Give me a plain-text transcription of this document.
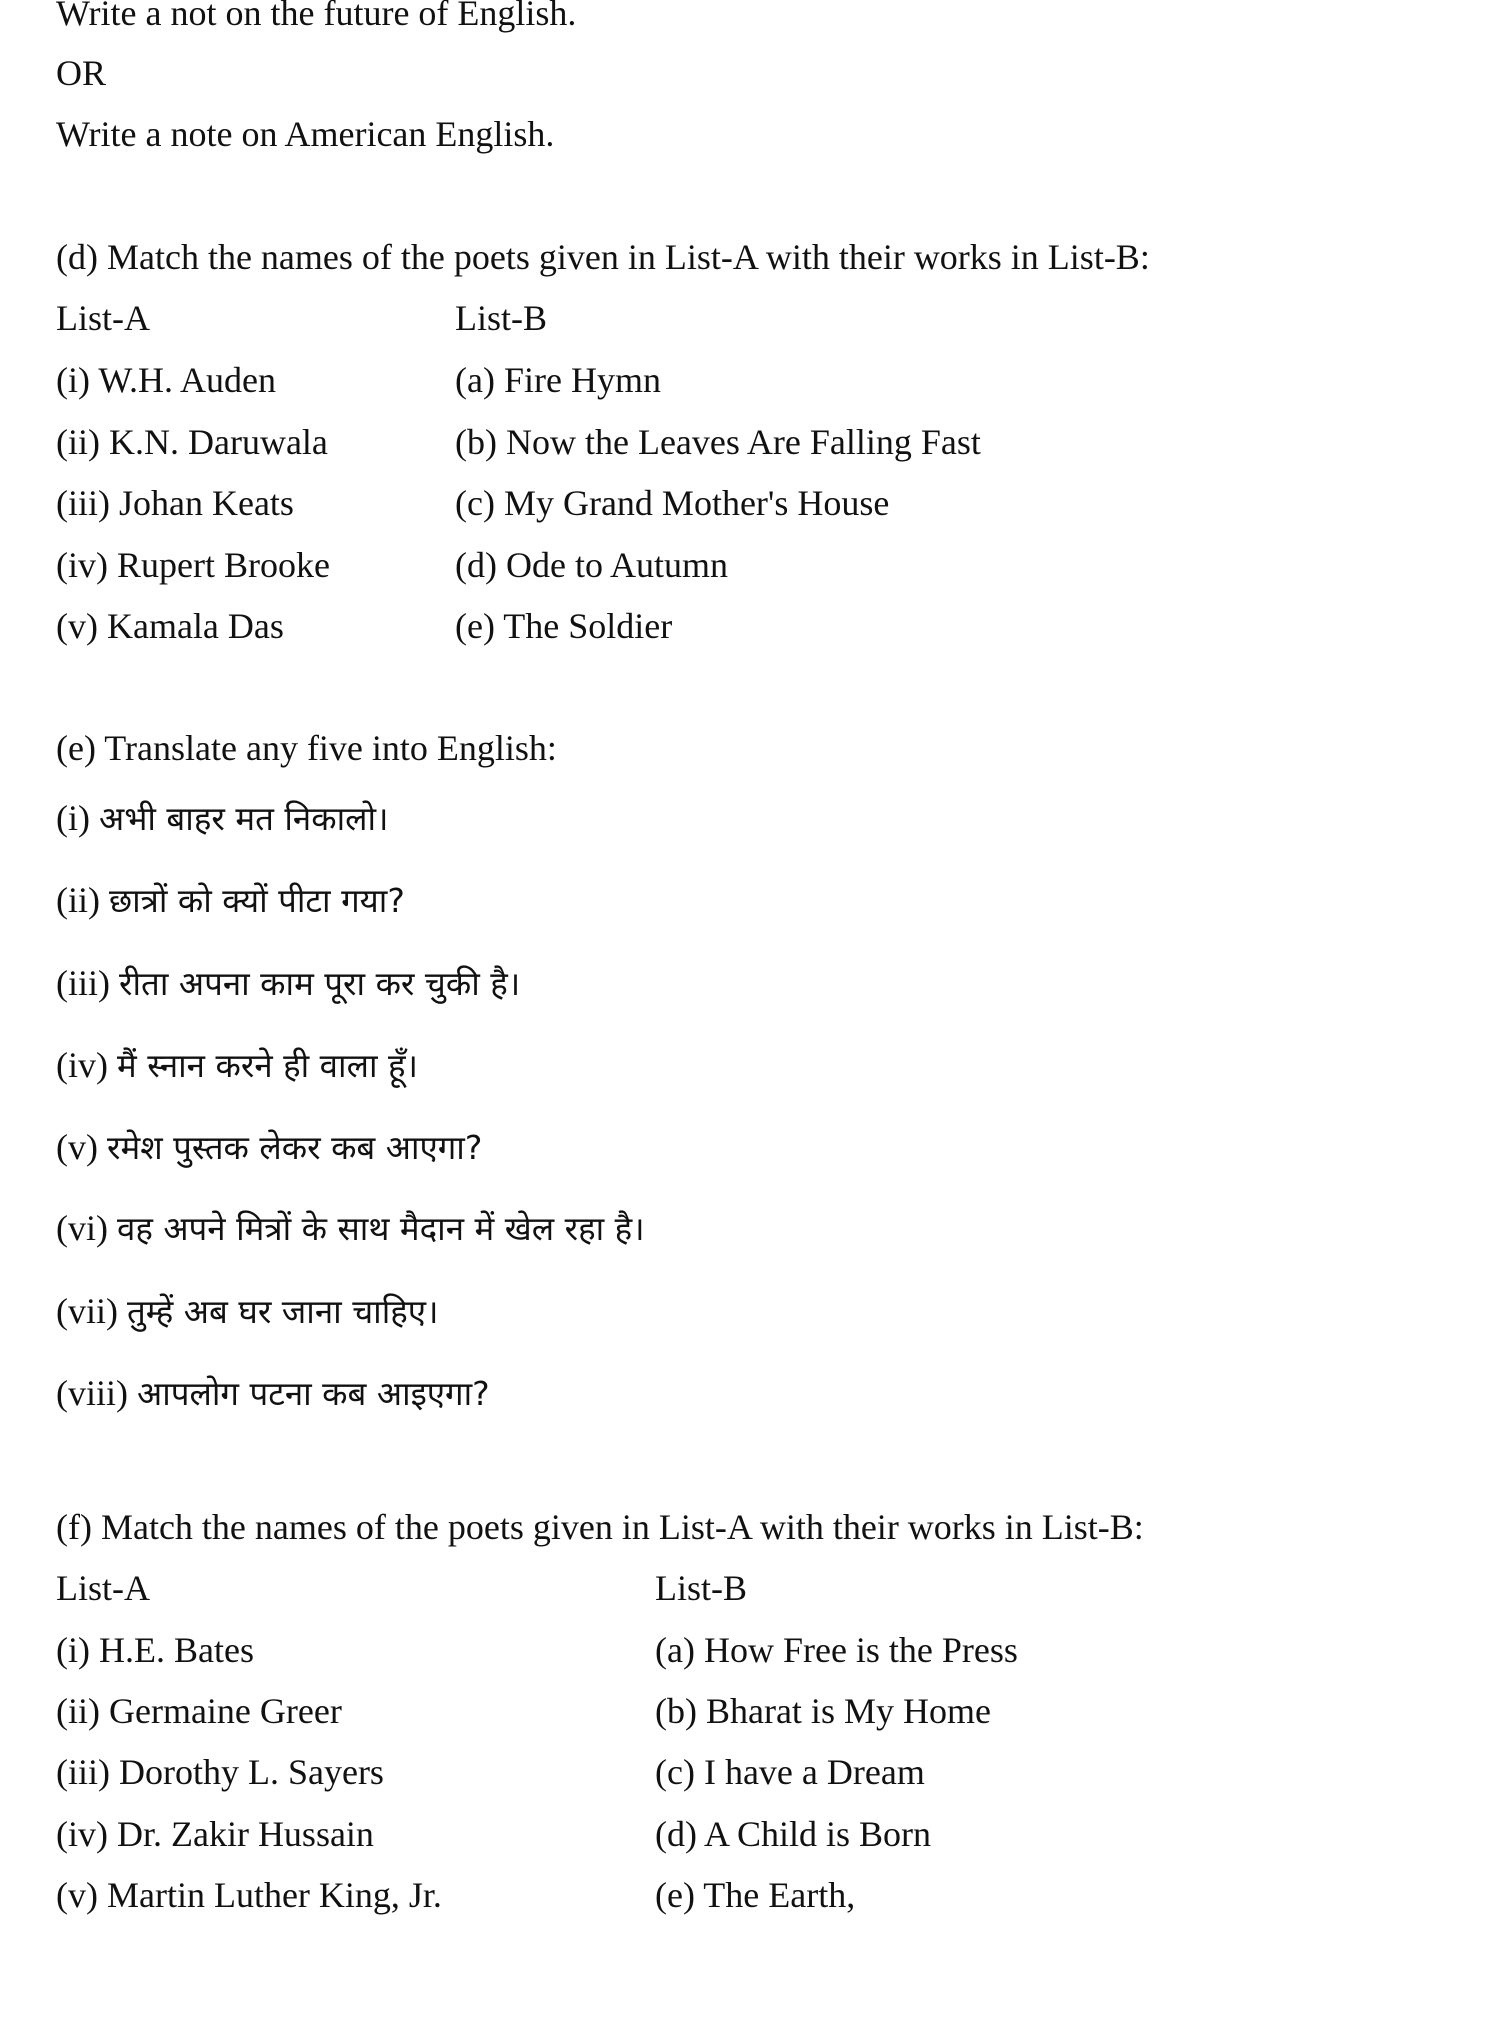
Write a not on the future of English.
OR
Write a note on American English.
(d) Match the names of the poets given in List-A with their works in List-B:
List-A	List-B
(i) W.H. Auden	(a) Fire Hymn
(ii) K.N. Daruwala	(b) Now the Leaves Are Falling Fast
(iii) Johan Keats	(c) My Grand Mother's House
(iv) Rupert Brooke	(d) Ode to Autumn
(v) Kamala Das	(e) The Soldier
(e) Translate any five into English:
(i) अभी बाहर मत निकालो।
(ii) छात्रों को क्यों पीटा गया?
(iii) रीता अपना काम पूरा कर चुकी है।
(iv) मैं स्नान करने ही वाला हूँ।
(v) रमेश पुस्तक लेकर कब आएगा?
(vi) वह अपने मित्रों के साथ मैदान में खेल रहा है।
(vii) तुम्हें अब घर जाना चाहिए।
(viii) आपलोग पटना कब आइएगा?
(f) Match the names of the poets given in List-A with their works in List-B:
List-A	List-B
(i) H.E. Bates	(a) How Free is the Press
(ii) Germaine Greer	(b) Bharat is My Home
(iii) Dorothy L. Sayers	(c) I have a Dream
(iv) Dr. Zakir Hussain	(d) A Child is Born
(v) Martin Luther King, Jr.	(e) The Earth,
